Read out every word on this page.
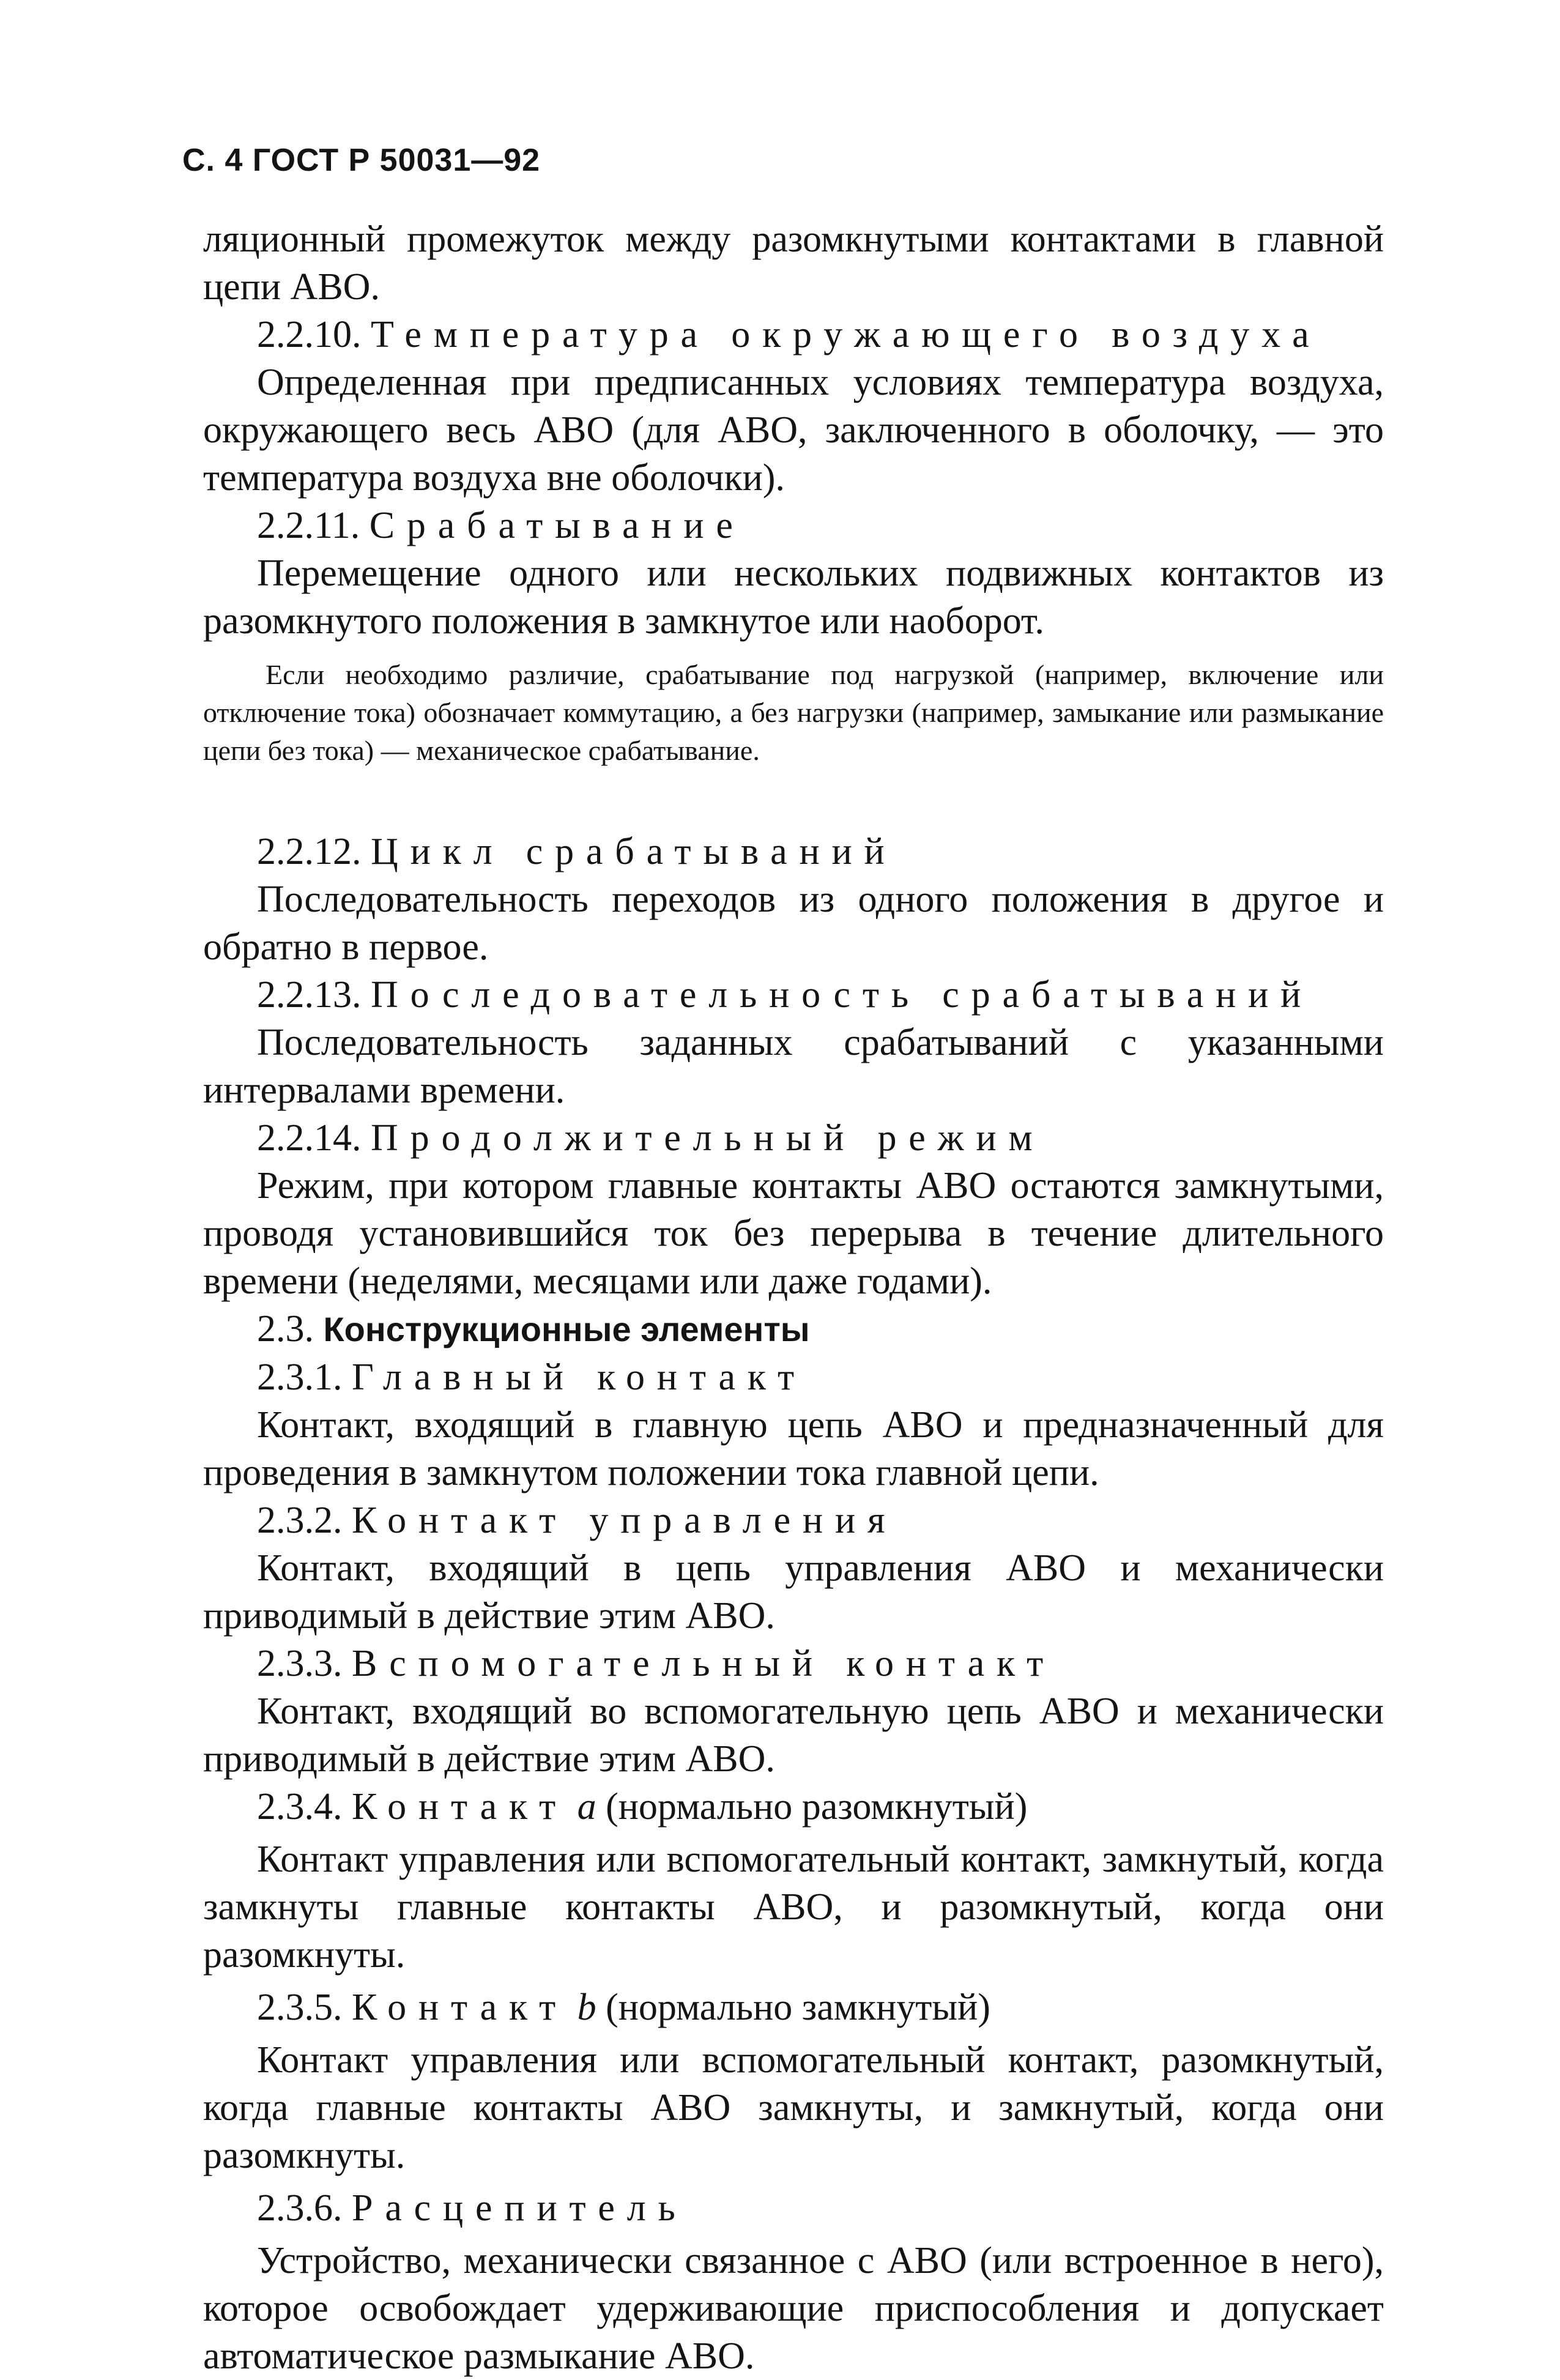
С. 4 ГОСТ Р 50031—92

ляционный промежуток между разомкнутыми контактами в главной цепи АВО.

2.2.10. Температура окружающего воздуха

Определенная при предписанных условиях температура воздуха, окружающего весь АВО (для АВО, заключенного в оболочку, — это температура воздуха вне оболочки).

2.2.11. Срабатывание

Перемещение одного или нескольких подвижных контактов из разомкнутого положения в замкнутое или наоборот.

Если необходимо различие, срабатывание под нагрузкой (например, включение или отключение тока) обозначает коммутацию, а без нагрузки (например, замыкание или размыкание цепи без тока) — механическое срабатывание.

2.2.12. Цикл срабатываний

Последовательность переходов из одного положения в другое и обратно в первое.

2.2.13. Последовательность срабатываний

Последовательность заданных срабатываний с указанными интервалами времени.

2.2.14. Продолжительный режим

Режим, при котором главные контакты АВО остаются замкнутыми, проводя установившийся ток без перерыва в течение длительного времени (неделями, месяцами или даже годами).

2.3. Конструкционные элементы

2.3.1. Главный контакт

Контакт, входящий в главную цепь АВО и предназначенный для проведения в замкнутом положении тока главной цепи.

2.3.2. Контакт управления

Контакт, входящий в цепь управления АВО и механически приводимый в действие этим АВО.

2.3.3. Вспомогательный контакт

Контакт, входящий во вспомогательную цепь АВО и механически приводимый в действие этим АВО.

2.3.4. Контакт a (нормально разомкнутый)

Контакт управления или вспомогательный контакт, замкнутый, когда замкнуты главные контакты АВО, и разомкнутый, когда они разомкнуты.

2.3.5. Контакт b (нормально замкнутый)

Контакт управления или вспомогательный контакт, разомкнутый, когда главные контакты АВО замкнуты, и замкнутый, когда они разомкнуты.

2.3.6. Расцепитель

Устройство, механически связанное с АВО (или встроенное в него), которое освобождает удерживающие приспособления и допускает автоматическое размыкание АВО.
